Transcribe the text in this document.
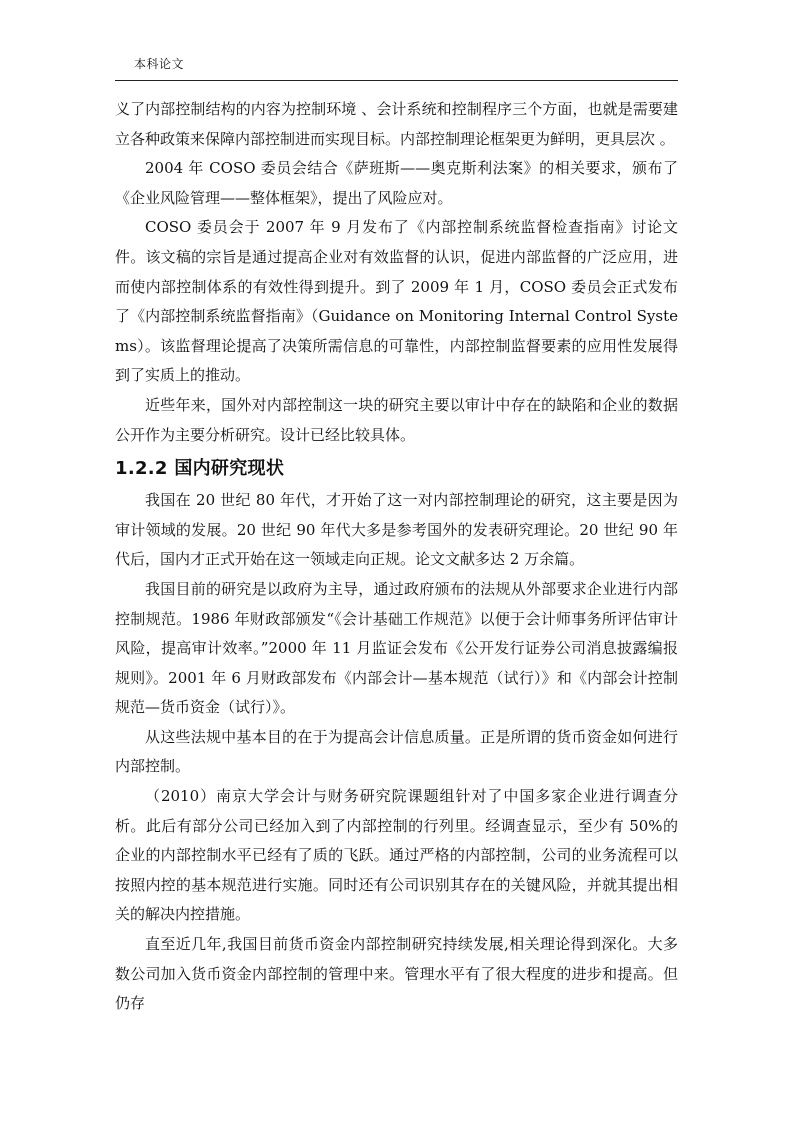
本科论文

义了内部控制结构的内容为控制环境 、会计系统和控制程序三个方面，也就是需要建立各种政策来保障内部控制进而实现目标。内部控制理论框架更为鲜明，更具层次 。

2004 年 COSO 委员会结合《萨班斯——奥克斯利法案》的相关要求，颁布了《企业风险管理——整体框架》，提出了风险应对。

COSO 委员会于 2007 年 9 月发布了《内部控制系统监督检查指南》讨论文件。该文稿的宗旨是通过提高企业对有效监督的认识，促进内部监督的广泛应用，进而使内部控制体系的有效性得到提升。到了 2009 年 1 月，COSO 委员会正式发布了《内部控制系统监督指南》（Guidance on Monitoring Internal Control Systems）。该监督理论提高了决策所需信息的可靠性，内部控制监督要素的应用性发展得到了实质上的推动。

近些年来，国外对内部控制这一块的研究主要以审计中存在的缺陷和企业的数据公开作为主要分析研究。设计已经比较具体。

1.2.2 国内研究现状

我国在 20 世纪 80 年代，才开始了这一对内部控制理论的研究，这主要是因为审计领域的发展。20 世纪 90 年代大多是参考国外的发表研究理论。20 世纪 90 年代后，国内才正式开始在这一领域走向正规。论文文献多达 2 万余篇。

我国目前的研究是以政府为主导，通过政府颁布的法规从外部要求企业进行内部控制规范。1986 年财政部颁发“《会计基础工作规范》以便于会计师事务所评估审计风险，提高审计效率。”2000 年 11 月监证会发布《公开发行证券公司消息披露编报规则》。2001 年 6 月财政部发布《内部会计—基本规范（试行）》和《内部会计控制规范—货币资金（试行）》。

从这些法规中基本目的在于为提高会计信息质量。正是所谓的货币资金如何进行内部控制。

（2010）南京大学会计与财务研究院课题组针对了中国多家企业进行调查分析。此后有部分公司已经加入到了内部控制的行列里。经调查显示，至少有 50%的企业的内部控制水平已经有了质的飞跃。通过严格的内部控制，公司的业务流程可以按照内控的基本规范进行实施。同时还有公司识别其存在的关键风险，并就其提出相关的解决内控措施。

直至近几年,我国目前货币资金内部控制研究持续发展,相关理论得到深化。大多数公司加入货币资金内部控制的管理中来。管理水平有了很大程度的进步和提高。但仍存
